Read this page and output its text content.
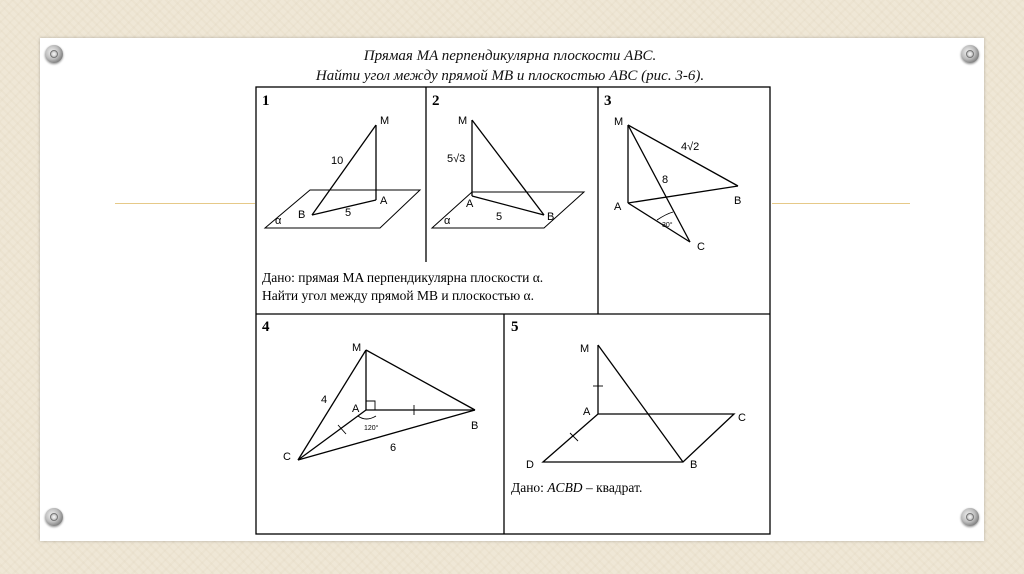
Прямая MA перпендикулярна плоскости ABC.
Найти угол между прямой MB и плоскостью ABC (рис. 3-6).
1
M
A
B
α
10
5
2
M
A
B
α
5√3
5
Дано: прямая MA перпендикулярна плоскости α.
Найти угол между прямой MB и плоскостью α.
3
M
A	B
C
4√2
8
30°
4
M
A
B
C
4
6
120°
5
M
A
B
C
D
Дано: ACBD – квадрат.
